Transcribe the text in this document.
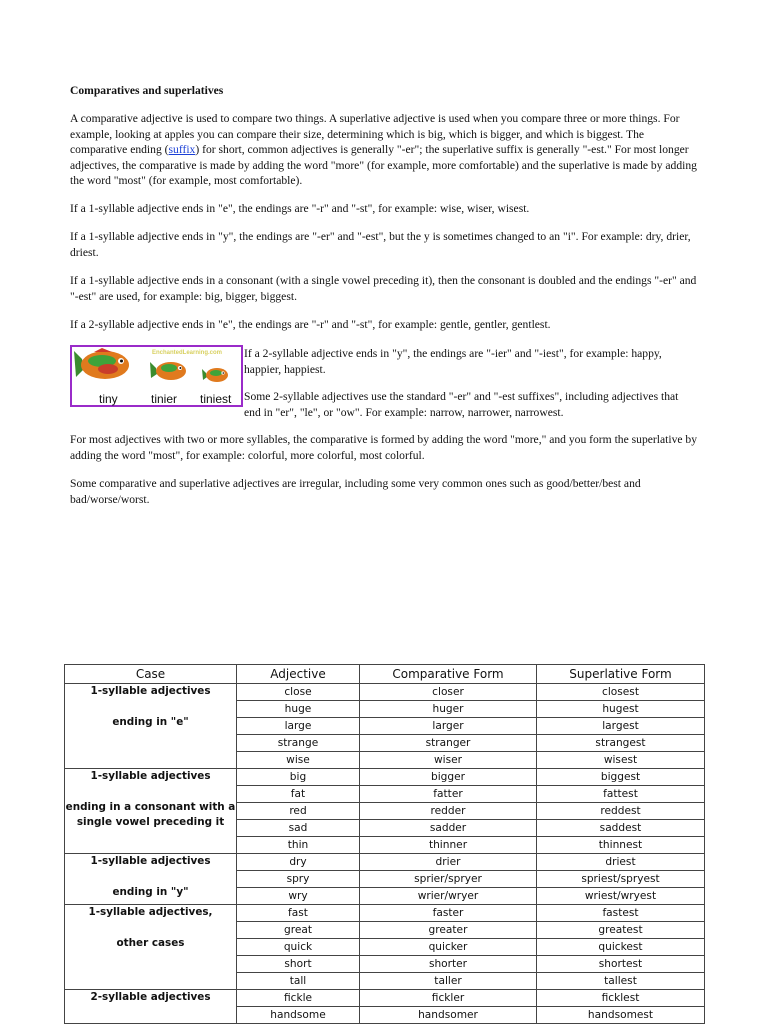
Comparatives and superlatives

A comparative adjective is used to compare two things. A superlative adjective is used when you compare three or more things. For example, looking at apples you can compare their size, determining which is big, which is bigger, and which is biggest. The comparative ending (suffix) for short, common adjectives is generally "-er"; the superlative suffix is generally "-est." For most longer adjectives, the comparative is made by adding the word "more" (for example, more comfortable) and the superlative is made by adding the word "most" (for example, most comfortable).

If a 1-syllable adjective ends in "e", the endings are "-r" and "-st", for example: wise, wiser, wisest.

If a 1-syllable adjective ends in "y", the endings are "-er" and "-est", but the y is sometimes changed to an "i". For example: dry, drier, driest.

If a 1-syllable adjective ends in a consonant (with a single vowel preceding it), then the consonant is doubled and the endings "-er" and "-est" are used, for example: big, bigger, biggest.

If a 2-syllable adjective ends in "e", the endings are "-r" and "-st", for example: gentle, gentler, gentlest.

For most adjectives with two or more syllables, the comparative is formed by adding the word "more," and you form the superlative by adding the word "most", for example: colorful, more colorful, most colorful.

Some comparative and superlative adjectives are irregular, including some very common ones such as good/better/best and bad/worse/worst.

EnchantedLearning.com
tiny	tinier tiniest

If a 2-syllable adjective ends in "y", the endings are "-ier" and "-iest", for example: happy, happier, happiest.

Some 2-syllable adjectives use the standard "-er" and "-est suffixes", including adjectives that end in "er", "le", or "ow". For example: narrow, narrower, narrowest.

Case	Adjective	Comparative Form	Superlative Form

1-syllable adjectives
ending in "e"	close	closer	closest
	huge	huger	hugest
	large	larger	largest
	strange	stranger	strangest
	wise	wiser	wisest

1-syllable adjectives
ending in a consonant with a single vowel preceding it	big	bigger	biggest
	fat	fatter	fattest
	red	redder	reddest
	sad	sadder	saddest
	thin	thinner	thinnest

1-syllable adjectives
ending in "y"	dry	drier	driest
	spry	sprier/spryer	spriest/spryest
	wry	wrier/wryer	wriest/wryest

1-syllable adjectives,
other cases	fast	faster	fastest
	great	greater	greatest
	quick	quicker	quickest
	short	shorter	shortest
	tall	taller	tallest

2-syllable adjectives	fickle	fickler	ficklest
	handsome	handsomer	handsomest
